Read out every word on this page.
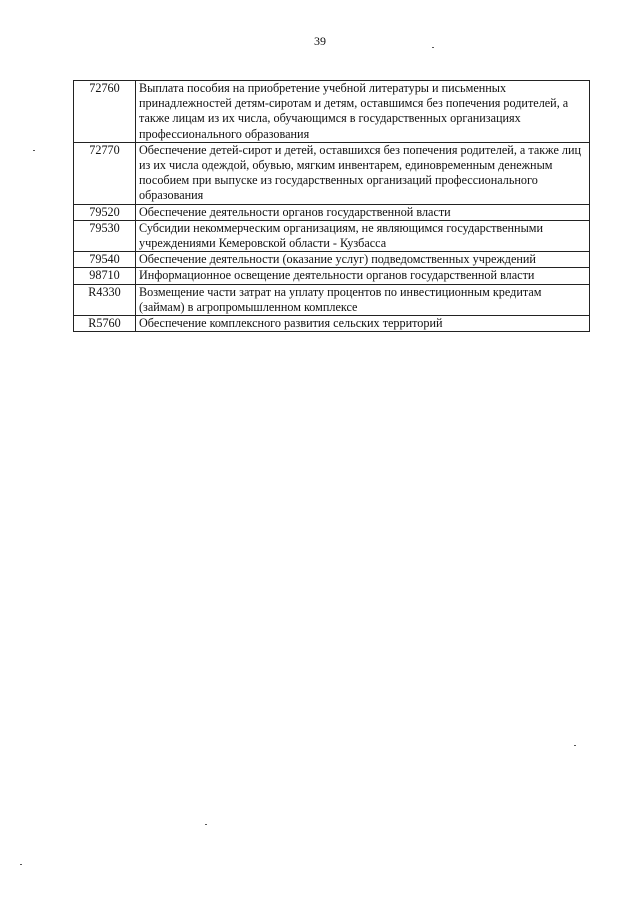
39
72760	Выплата пособия на приобретение учебной литературы и письменных принадлежностей детям-сиротам и детям, оставшимся без попечения родителей, а также лицам из их числа, обучающимся в государственных организациях профессионального образования
72770	Обеспечение детей-сирот и детей, оставшихся без попечения родителей, а также лиц из их числа одеждой, обувью, мягким инвентарем, единовременным денежным пособием при выпуске из государственных организаций профессионального образования
79520	Обеспечение деятельности органов государственной власти
79530	Субсидии некоммерческим организациям, не являющимся государственными учреждениями Кемеровской области - Кузбасса
79540	Обеспечение деятельности (оказание услуг) подведомственных учреждений
98710	Информационное освещение деятельности органов государственной власти
R4330	Возмещение части затрат на уплату процентов по инвестиционным кредитам (займам) в агропромышленном комплексе
R5760	Обеспечение комплексного развития сельских территорий
